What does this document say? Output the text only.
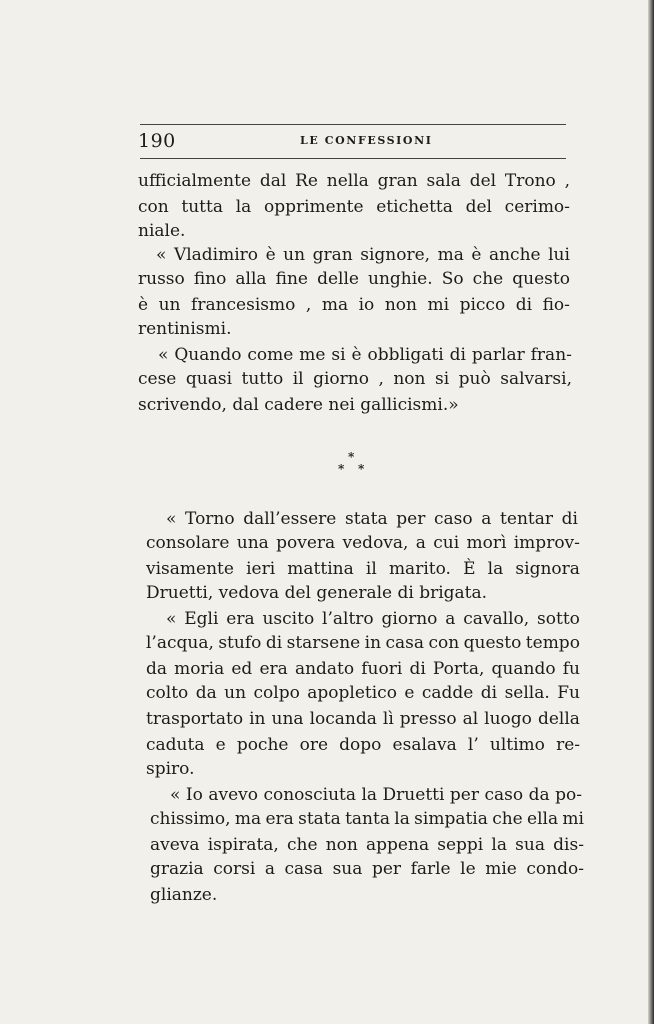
190	LE CONFESSIONI
ufficialmente dal Re nella gran sala del Trono ,
con tutta la opprimente etichetta del cerimo-
niale.
« Vladimiro è un gran signore, ma è anche lui
russo fino alla fine delle unghie. So che questo
è un francesismo , ma io non mi picco di fio-
rentinismi.
« Quando come me si è obbligati di parlar fran-
cese quasi tutto il giorno , non si può salvarsi,
scrivendo, dal cadere nei gallicismi.»
*
* *
« Torno dall’essere stata per caso a tentar di
consolare una povera vedova, a cui morì improv-
visamente ieri mattina il marito. È la signora
Druetti, vedova del generale di brigata.
« Egli era uscito l’altro giorno a cavallo, sotto
l’acqua, stufo di starsene in casa con questo tempo
da moria ed era andato fuori di Porta, quando fu
colto da un colpo apopletico e cadde di sella. Fu
trasportato in una locanda lì presso al luogo della
caduta e poche ore dopo esalava l’ ultimo re-
spiro.
« Io avevo conosciuta la Druetti per caso da po-
chissimo, ma era stata tanta la simpatia che ella mi
aveva ispirata, che non appena seppi la sua dis-
grazia corsi a casa sua per farle le mie condo-
glianze.
